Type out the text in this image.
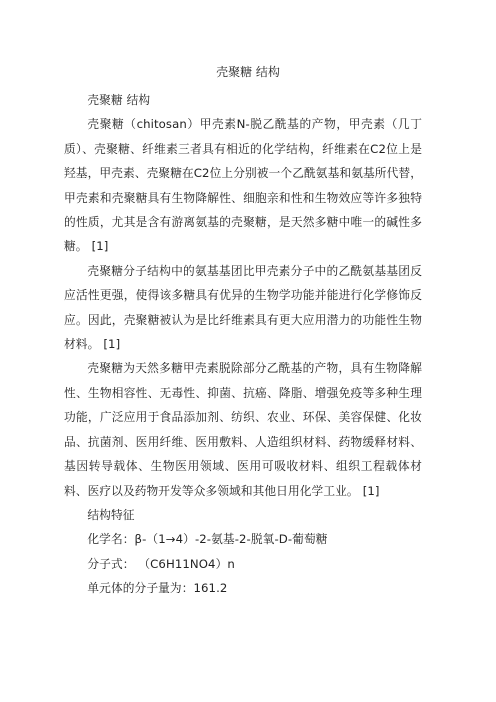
壳聚糖 结构

壳聚糖 结构

壳聚糖（chitosan）甲壳素N-脱乙酰基的产物，甲壳素（几丁质）、壳聚糖、纤维素三者具有相近的化学结构，纤维素在C2位上是羟基，甲壳素、壳聚糖在C2位上分别被一个乙酰氨基和氨基所代替，甲壳素和壳聚糖具有生物降解性、细胞亲和性和生物效应等许多独特的性质，尤其是含有游离氨基的壳聚糖，是天然多糖中唯一的碱性多糖。 [1]

壳聚糖分子结构中的氨基基团比甲壳素分子中的乙酰氨基基团反应活性更强，使得该多糖具有优异的生物学功能并能进行化学修饰反应。因此，壳聚糖被认为是比纤维素具有更大应用潜力的功能性生物材料。 [1]

壳聚糖为天然多糖甲壳素脱除部分乙酰基的产物，具有生物降解性、生物相容性、无毒性、抑菌、抗癌、降脂、增强免疫等多种生理功能，广泛应用于食品添加剂、纺织、农业、环保、美容保健、化妆品、抗菌剂、医用纤维、医用敷料、人造组织材料、药物缓释材料、基因转导载体、生物医用领域、医用可吸收材料、组织工程载体材料、医疗以及药物开发等众多领域和其他日用化学工业。 [1]

结构特征

化学名：β-（1→4）-2-氨基-2-脱氧-D-葡萄糖

分子式： （C6H11NO4）n

单元体的分子量为：161.2
